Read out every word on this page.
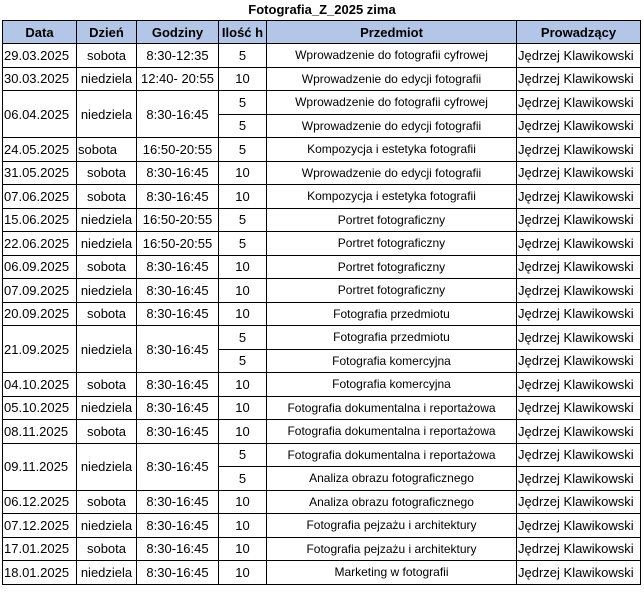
Fotografia_Z_2025 zima
Data	Dzień	Godziny	Ilość h	Przedmiot	Prowadzący
29.03.2025	sobota	8:30-12:35	5	Wprowadzenie do fotografii cyfrowej	Jędrzej Klawikowski
30.03.2025	niedziela	12:40- 20:55	10	Wprowadzenie do edycji fotografii	Jędrzej Klawikowski
06.04.2025	niedziela	8:30-16:45	5	Wprowadzenie do fotografii cyfrowej	Jędrzej Klawikowski
			5	Wprowadzenie do edycji fotografii	Jędrzej Klawikowski
24.05.2025	sobota	16:50-20:55	5	Kompozycja i estetyka fotografii	Jędrzej Klawikowski
31.05.2025	sobota	8:30-16:45	10	Wprowadzenie do edycji fotografii	Jędrzej Klawikowski
07.06.2025	sobota	8:30-16:45	10	Kompozycja i estetyka fotografii	Jędrzej Klawikowski
15.06.2025	niedziela	16:50-20:55	5	Portret fotograficzny	Jędrzej Klawikowski
22.06.2025	niedziela	16:50-20:55	5	Portret fotograficzny	Jędrzej Klawikowski
06.09.2025	sobota	8:30-16:45	10	Portret fotograficzny	Jędrzej Klawikowski
07.09.2025	niedziela	8:30-16:45	10	Portret fotograficzny	Jędrzej Klawikowski
20.09.2025	sobota	8:30-16:45	10	Fotografia przedmiotu	Jędrzej Klawikowski
21.09.2025	niedziela	8:30-16:45	5	Fotografia przedmiotu	Jędrzej Klawikowski
			5	Fotografia komercyjna	Jędrzej Klawikowski
04.10.2025	sobota	8:30-16:45	10	Fotografia komercyjna	Jędrzej Klawikowski
05.10.2025	niedziela	8:30-16:45	10	Fotografia dokumentalna i reportażowa	Jędrzej Klawikowski
08.11.2025	sobota	8:30-16:45	10	Fotografia dokumentalna i reportażowa	Jędrzej Klawikowski
09.11.2025	niedziela	8:30-16:45	5	Fotografia dokumentalna i reportażowa	Jędrzej Klawikowski
			5	Analiza obrazu fotograficznego	Jędrzej Klawikowski
06.12.2025	sobota	8:30-16:45	10	Analiza obrazu fotograficznego	Jędrzej Klawikowski
07.12.2025	niedziela	8:30-16:45	10	Fotografia pejzażu i architektury	Jędrzej Klawikowski
17.01.2025	sobota	8:30-16:45	10	Fotografia pejzażu i architektury	Jędrzej Klawikowski
18.01.2025	niedziela	8:30-16:45	10	Marketing w fotografii	Jędrzej Klawikowski
